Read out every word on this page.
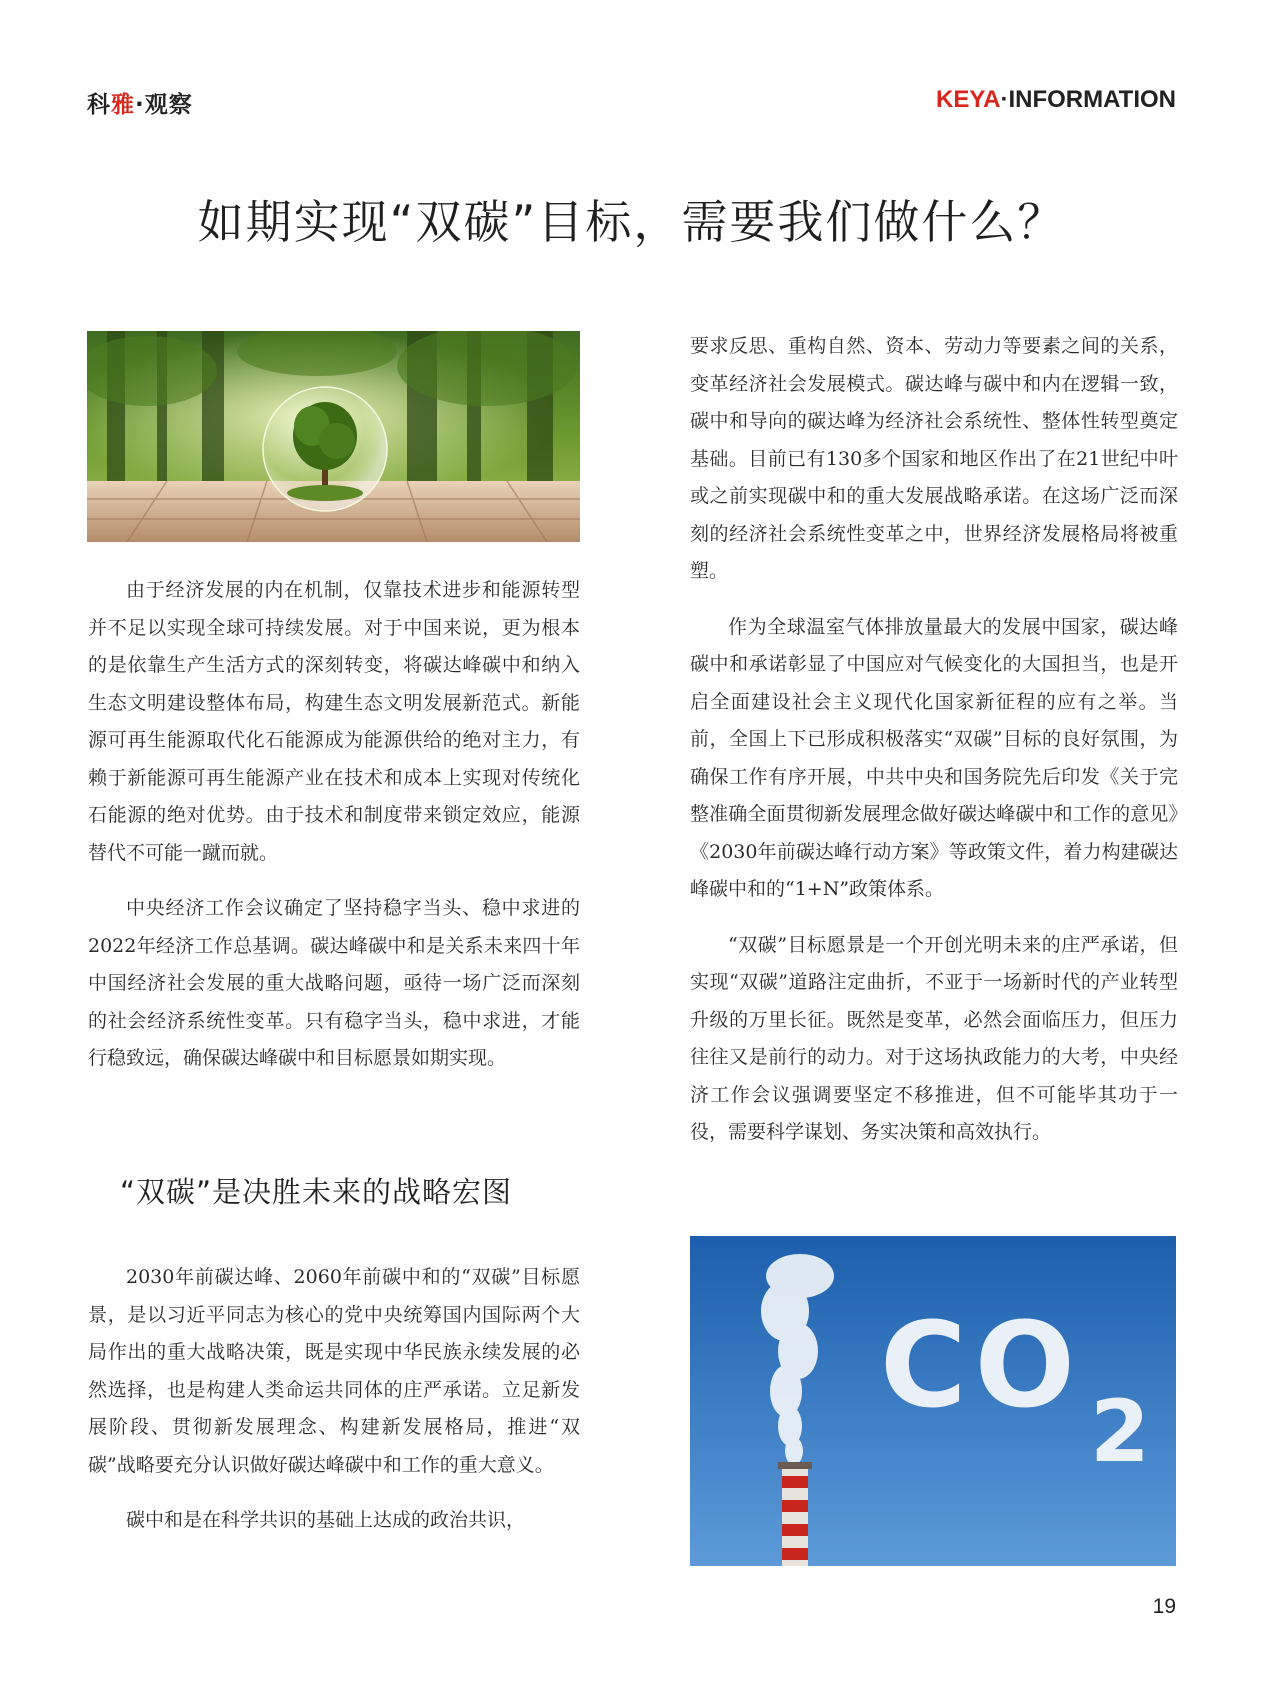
科雅·观察	KEYA·INFORMATION
如期实现“双碳”目标，需要我们做什么？

由于经济发展的内在机制，仅靠技术进步和能源转型并不足以实现全球可持续发展。对于中国来说，更为根本的是依靠生产生活方式的深刻转变，将碳达峰碳中和纳入生态文明建设整体布局，构建生态文明发展新范式。新能源可再生能源取代化石能源成为能源供给的绝对主力，有赖于新能源可再生能源产业在技术和成本上实现对传统化石能源的绝对优势。由于技术和制度带来锁定效应，能源替代不可能一蹴而就。

中央经济工作会议确定了坚持稳字当头、稳中求进的2022年经济工作总基调。碳达峰碳中和是关系未来四十年中国经济社会发展的重大战略问题，亟待一场广泛而深刻的社会经济系统性变革。只有稳字当头，稳中求进，才能行稳致远，确保碳达峰碳中和目标愿景如期实现。

“双碳”是决胜未来的战略宏图

2030年前碳达峰、2060年前碳中和的“双碳”目标愿景，是以习近平同志为核心的党中央统筹国内国际两个大局作出的重大战略决策，既是实现中华民族永续发展的必然选择，也是构建人类命运共同体的庄严承诺。立足新发展阶段、贯彻新发展理念、构建新发展格局，推进“双碳”战略要充分认识做好碳达峰碳中和工作的重大意义。

碳中和是在科学共识的基础上达成的政治共识，

要求反思、重构自然、资本、劳动力等要素之间的关系，变革经济社会发展模式。碳达峰与碳中和内在逻辑一致，碳中和导向的碳达峰为经济社会系统性、整体性转型奠定基础。目前已有130多个国家和地区作出了在21世纪中叶或之前实现碳中和的重大发展战略承诺。在这场广泛而深刻的经济社会系统性变革之中，世界经济发展格局将被重塑。

作为全球温室气体排放量最大的发展中国家，碳达峰碳中和承诺彰显了中国应对气候变化的大国担当，也是开启全面建设社会主义现代化国家新征程的应有之举。当前，全国上下已形成积极落实“双碳”目标的良好氛围，为确保工作有序开展，中共中央和国务院先后印发《关于完整准确全面贯彻新发展理念做好碳达峰碳中和工作的意见》《2030年前碳达峰行动方案》等政策文件，着力构建碳达峰碳中和的“1+N”政策体系。

“双碳”目标愿景是一个开创光明未来的庄严承诺，但实现“双碳”道路注定曲折，不亚于一场新时代的产业转型升级的万里长征。既然是变革，必然会面临压力，但压力往往又是前行的动力。对于这场执政能力的大考，中央经济工作会议强调要坚定不移推进，但不可能毕其功于一役，需要科学谋划、务实决策和高效执行。

CO 2
19
